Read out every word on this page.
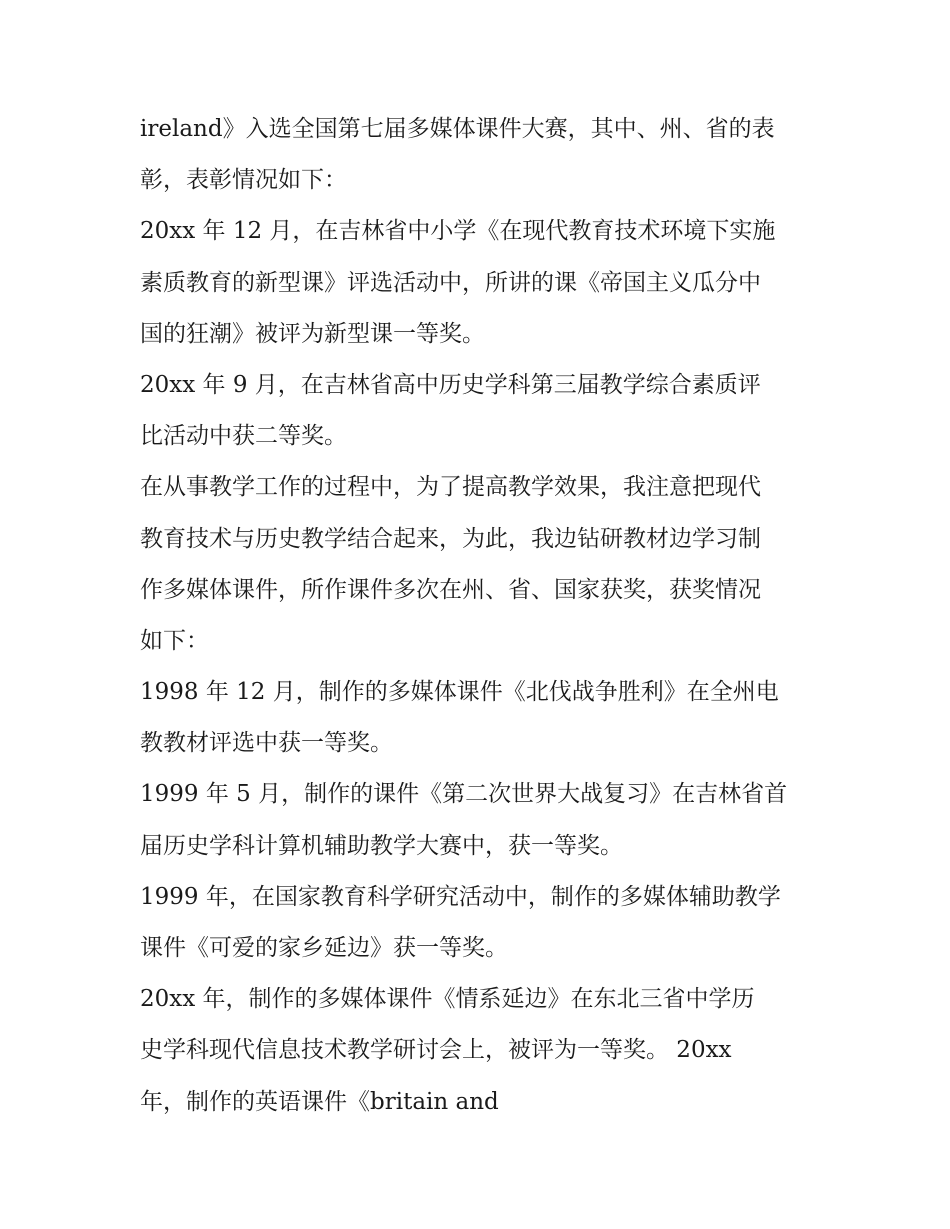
ireland》入选全国第七届多媒体课件大赛，其中、州、省的表
彰，表彰情况如下：
20xx 年 12 月，在吉林省中小学《在现代教育技术环境下实施
素质教育的新型课》评选活动中，所讲的课《帝国主义瓜分中
国的狂潮》被评为新型课一等奖。
20xx 年 9 月，在吉林省高中历史学科第三届教学综合素质评
比活动中获二等奖。
在从事教学工作的过程中，为了提高教学效果，我注意把现代
教育技术与历史教学结合起来，为此，我边钻研教材边学习制
作多媒体课件，所作课件多次在州、省、国家获奖，获奖情况
如下：
1998 年 12 月，制作的多媒体课件《北伐战争胜利》在全州电
教教材评选中获一等奖。
1999 年 5 月，制作的课件《第二次世界大战复习》在吉林省首
届历史学科计算机辅助教学大赛中，获一等奖。
1999 年，在国家教育科学研究活动中，制作的多媒体辅助教学
课件《可爱的家乡延边》获一等奖。
20xx 年，制作的多媒体课件《情系延边》在东北三省中学历
史学科现代信息技术教学研讨会上，被评为一等奖。 20xx
年，制作的英语课件《britain and
